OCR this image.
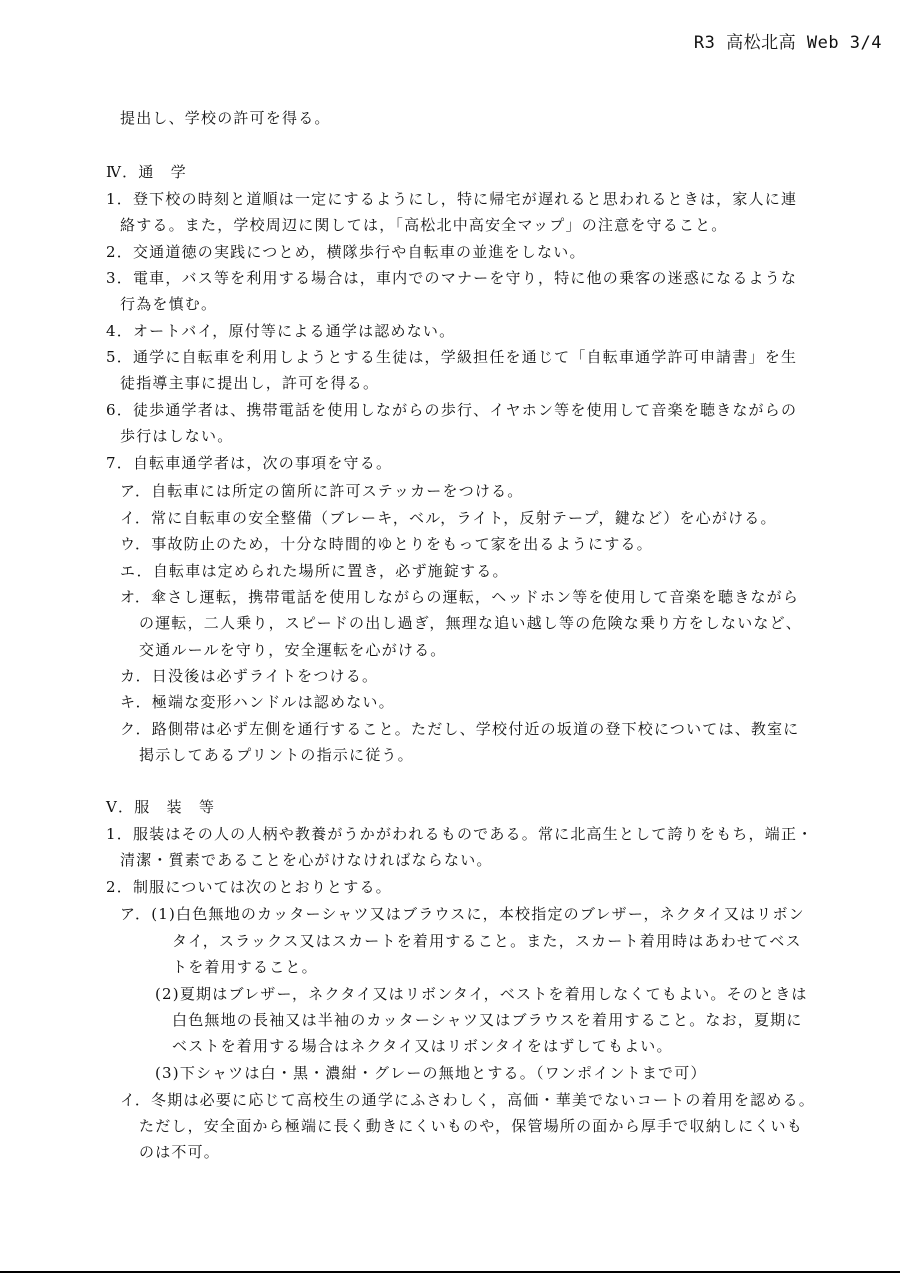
R3 高松北高 Web 3/4
提出し、学校の許可を得る。
Ⅳ．通　学
1．登下校の時刻と道順は一定にするようにし，特に帰宅が遅れると思われるときは，家人に連
絡する。また，学校周辺に関しては，「高松北中高安全マップ」の注意を守ること。
2．交通道徳の実践につとめ，横隊歩行や自転車の並進をしない。
3．電車，バス等を利用する場合は，車内でのマナーを守り，特に他の乗客の迷惑になるような
行為を慎む。
4．オートバイ，原付等による通学は認めない。
5．通学に自転車を利用しようとする生徒は，学級担任を通じて「自転車通学許可申請書」を生
徒指導主事に提出し，許可を得る。
6．徒歩通学者は、携帯電話を使用しながらの歩行、イヤホン等を使用して音楽を聴きながらの
歩行はしない。
7．自転車通学者は，次の事項を守る。
ア．自転車には所定の箇所に許可ステッカーをつける。
イ．常に自転車の安全整備（ブレーキ，ベル，ライト，反射テープ，鍵など）を心がける。
ウ．事故防止のため，十分な時間的ゆとりをもって家を出るようにする。
エ．自転車は定められた場所に置き，必ず施錠する。
オ．傘さし運転，携帯電話を使用しながらの運転，ヘッドホン等を使用して音楽を聴きながら
の運転，二人乗り，スピードの出し過ぎ，無理な追い越し等の危険な乗り方をしないなど、
交通ルールを守り，安全運転を心がける。
カ．日没後は必ずライトをつける。
キ．極端な変形ハンドルは認めない。
ク．路側帯は必ず左側を通行すること。ただし、学校付近の坂道の登下校については、教室に
掲示してあるプリントの指示に従う。
Ⅴ．服　装　等
1．服装はその人の人柄や教養がうかがわれるものである。常に北高生として誇りをもち，端正・
清潔・質素であることを心がけなければならない。
2．制服については次のとおりとする。
ア．(1)白色無地のカッターシャツ又はブラウスに，本校指定のブレザー，ネクタイ又はリボン
タイ，スラックス又はスカートを着用すること。また，スカート着用時はあわせてベス
トを着用すること。
(2)夏期はブレザー，ネクタイ又はリボンタイ，ベストを着用しなくてもよい。そのときは
白色無地の長袖又は半袖のカッターシャツ又はブラウスを着用すること。なお，夏期に
ベストを着用する場合はネクタイ又はリボンタイをはずしてもよい。
(3)下シャツは白・黒・濃紺・グレーの無地とする。（ワンポイントまで可）
イ．冬期は必要に応じて高校生の通学にふさわしく，高価・華美でないコートの着用を認める。
ただし，安全面から極端に長く動きにくいものや，保管場所の面から厚手で収納しにくいも
のは不可。
